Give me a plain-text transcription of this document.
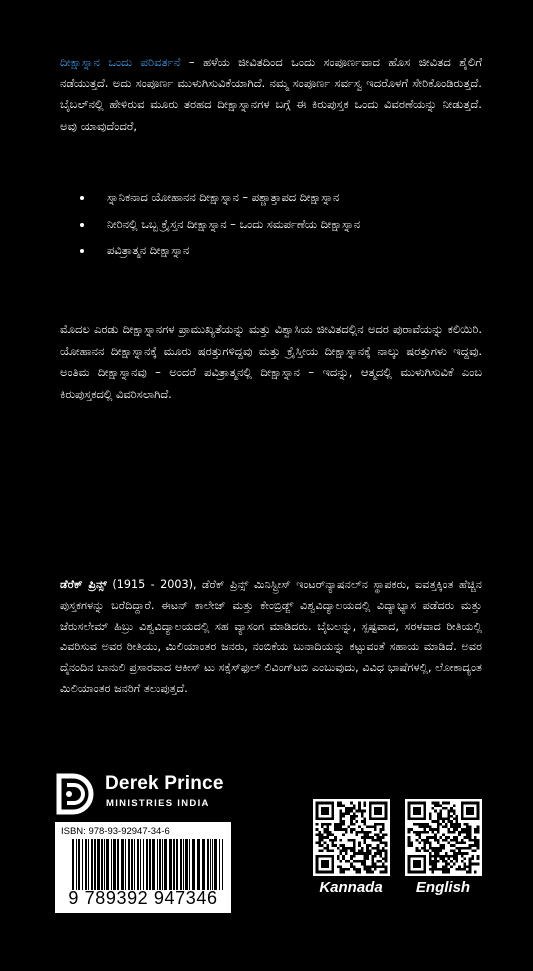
ದೀಕ್ಷಾಸ್ನಾನ ಒಂದು ಪರಿವರ್ತನೆ – ಹಳೆಯ ಜೀವಿತದಿಂದ ಒಂದು ಸಂಪೂರ್ಣವಾದ ಹೊಸ ಜೀವಿತದ ಶೈಲಿಗೆ ನಡೆಯುತ್ತದೆ. ಅದು ಸಂಪೂರ್ಣ ಮುಳುಗಿಸುವಿಕೆಯಾಗಿದೆ. ನಮ್ಮ ಸಂಪೂರ್ಣ ಸರ್ವಸ್ವ ಇದರೊಳಗೆ ಸೇರಿಕೊಂಡಿರುತ್ತದೆ. ಬೈಬಲ್‌ನಲ್ಲಿ ಹೇಳಿರುವ ಮೂರು ತರಹದ ದೀಕ್ಷಾಸ್ನಾನಗಳ ಬಗ್ಗೆ ಈ ಕಿರುಪುಸ್ತಕ ಒಂದು ವಿವರಣೆಯನ್ನು ನೀಡುತ್ತದೆ. ಅವು ಯಾವುದೆಂದರೆ,
ಸ್ನಾನಿಕನಾದ ಯೋಹಾನನ ದೀಕ್ಷಾಸ್ನಾನ – ಪಶ್ಚಾತ್ತಾಪದ ದೀಕ್ಷಾಸ್ನಾನ
ನೀರಿನಲ್ಲಿ ಒಬ್ಬ ಕ್ರೈಸ್ತನ ದೀಕ್ಷಾಸ್ನಾನ – ಒಂದು ಸಮರ್ಪಣೆಯ ದೀಕ್ಷಾಸ್ನಾನ
ಪವಿತ್ರಾತ್ಮನ ದೀಕ್ಷಾಸ್ನಾನ
ಮೊದಲ ಎರಡು ದೀಕ್ಷಾಸ್ನಾನಗಳ ಪ್ರಾಮುಖ್ಯತೆಯನ್ನು ಮತ್ತು ವಿಶ್ವಾಸಿಯ ಜೀವಿತದಲ್ಲಿನ ಅದರ ಪುರಾವೆಯನ್ನು ಕಲಿಯಿರಿ. ಯೋಹಾನನ ದೀಕ್ಷಾಸ್ನಾನಕ್ಕೆ ಮೂರು ಷರತ್ತುಗಳಿದ್ದವು ಮತ್ತು ಕ್ರೈಸ್ತೀಯ ದೀಕ್ಷಾಸ್ನಾನಕ್ಕೆ ನಾಲ್ಕು ಷರತ್ತುಗಳು ಇದ್ದವು. ಅಂತಿಮ ದೀಕ್ಷಾಸ್ನಾನವು – ಅಂದರೆ ಪವಿತ್ರಾತ್ಮನಲ್ಲಿ ದೀಕ್ಷಾಸ್ನಾನ – ಇದನ್ನು, ಆತ್ಮದಲ್ಲಿ ಮುಳುಗಿಸುವಿಕೆ ಎಂಬ ಕಿರುಪುಸ್ತಕದಲ್ಲಿ ವಿವರಿಸಲಾಗಿದೆ.
ಡೆರೆಕ್ ಪ್ರಿನ್ಸ್ (1915 - 2003), ಡೆರೆಕ್ ಪ್ರಿನ್ಸ್ ಮಿನಿಸ್ಟ್ರೀಸ್ ಇಂಟರ್‌ನ್ಯಾಷನಲ್‌ನ ಸ್ಥಾಪಕರು, ಐವತ್ತಕ್ಕಿಂತ ಹೆಚ್ಚಿನ ಪುಸ್ತಕಗಳನ್ನು ಬರೆದಿದ್ದಾರೆ. ಈಟನ್ ಕಾಲೇಜ್ ಮತ್ತು ಕೇಂಬ್ರಿಡ್ಜ್ ವಿಶ್ವವಿದ್ಯಾಲಯದಲ್ಲಿ ವಿದ್ಯಾಭ್ಯಾಸ ಪಡೆದರು ಮತ್ತು ಜೆರುಸಲೇಮ್ ಹಿಬ್ರು ವಿಶ್ವವಿದ್ಯಾಲಯದಲ್ಲಿ ಸಹ ವ್ಯಾಸಂಗ ಮಾಡಿದರು. ಬೈಬಲನ್ನು, ಸ್ಪಷ್ಟವಾದ, ಸರಳವಾದ ರೀತಿಯಲ್ಲಿ ವಿವರಿಸುವ ಅವರ ರೀತಿಯು, ಮಿಲಿಯಾಂತರ ಜನರು, ನಂಬಿಕೆಯ ಬುನಾದಿಯನ್ನು ಕಟ್ಟುವಂತೆ ಸಹಾಯ ಮಾಡಿದೆ. ಅವರ ದೈನಂದಿನ ಬಾನುಲಿ ಪ್ರಸಾರವಾದ ಆಕೀಸ್ ಟು ಸಕ್ಸೆಸ್‌ಫುಲ್ ಲಿವಿಂಗ್‌ಟಬಿ ಎಂಬುವುದು, ವಿವಿಧ ಭಾಷೆಗಳಲ್ಲಿ, ಲೋಕಾದ್ಯಂತ ಮಿಲಿಯಾಂತರ ಜನರಿಗೆ ತಲುಪುತ್ತದೆ.
Derek Prince
MINISTRIES INDIA
ISBN: 978-93-92947-34-6
9 789392 947346
Kannada	English
